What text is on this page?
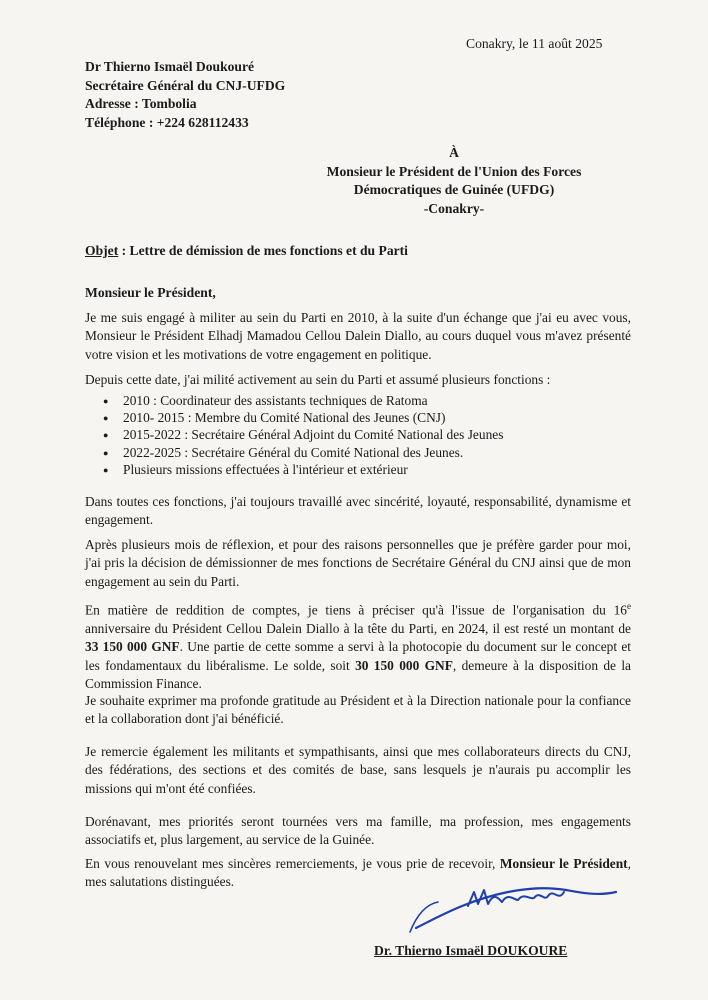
Conakry, le 11 août 2025

Dr Thierno Ismaël Doukouré
Secrétaire Général du CNJ-UFDG
Adresse : Tombolia
Téléphone : +224 628112433
À
Monsieur le Président de l'Union des Forces
Démocratiques de Guinée (UFDG)
-Conakry-

Objet : Lettre de démission de mes fonctions et du Parti

Monsieur le Président,

Je me suis engagé à militer au sein du Parti en 2010, à la suite d'un échange que j'ai eu avec vous, Monsieur le Président Elhadj Mamadou Cellou Dalein Diallo, au cours duquel vous m'avez présenté votre vision et les motivations de votre engagement en politique.

Depuis cette date, j'ai milité activement au sein du Parti et assumé plusieurs fonctions :

● 2010 : Coordinateur des assistants techniques de Ratoma
● 2010- 2015 : Membre du Comité National des Jeunes (CNJ)
● 2015-2022 : Secrétaire Général Adjoint du Comité National des Jeunes
● 2022-2025 : Secrétaire Général du Comité National des Jeunes.
● Plusieurs missions effectuées à l'intérieur et extérieur

Dans toutes ces fonctions, j'ai toujours travaillé avec sincérité, loyauté, responsabilité, dynamisme et engagement.

Après plusieurs mois de réflexion, et pour des raisons personnelles que je préfère garder pour moi, j'ai pris la décision de démissionner de mes fonctions de Secrétaire Général du CNJ ainsi que de mon engagement au sein du Parti.

En matière de reddition de comptes, je tiens à préciser qu'à l'issue de l'organisation du 16e anniversaire du Président Cellou Dalein Diallo à la tête du Parti, en 2024, il est resté un montant de 33 150 000 GNF. Une partie de cette somme a servi à la photocopie du document sur le concept et les fondamentaux du libéralisme. Le solde, soit 30 150 000 GNF, demeure à la disposition de la Commission Finance.

Je souhaite exprimer ma profonde gratitude au Président et à la Direction nationale pour la confiance et la collaboration dont j'ai bénéficié.

Je remercie également les militants et sympathisants, ainsi que mes collaborateurs directs du CNJ, des fédérations, des sections et des comités de base, sans lesquels je n'aurais pu accomplir les missions qui m'ont été confiées.

Dorénavant, mes priorités seront tournées vers ma famille, ma profession, mes engagements associatifs et, plus largement, au service de la Guinée.

En vous renouvelant mes sincères remerciements, je vous prie de recevoir, Monsieur le Président, mes salutations distinguées.

Dr. Thierno Ismaël DOUKOURE
